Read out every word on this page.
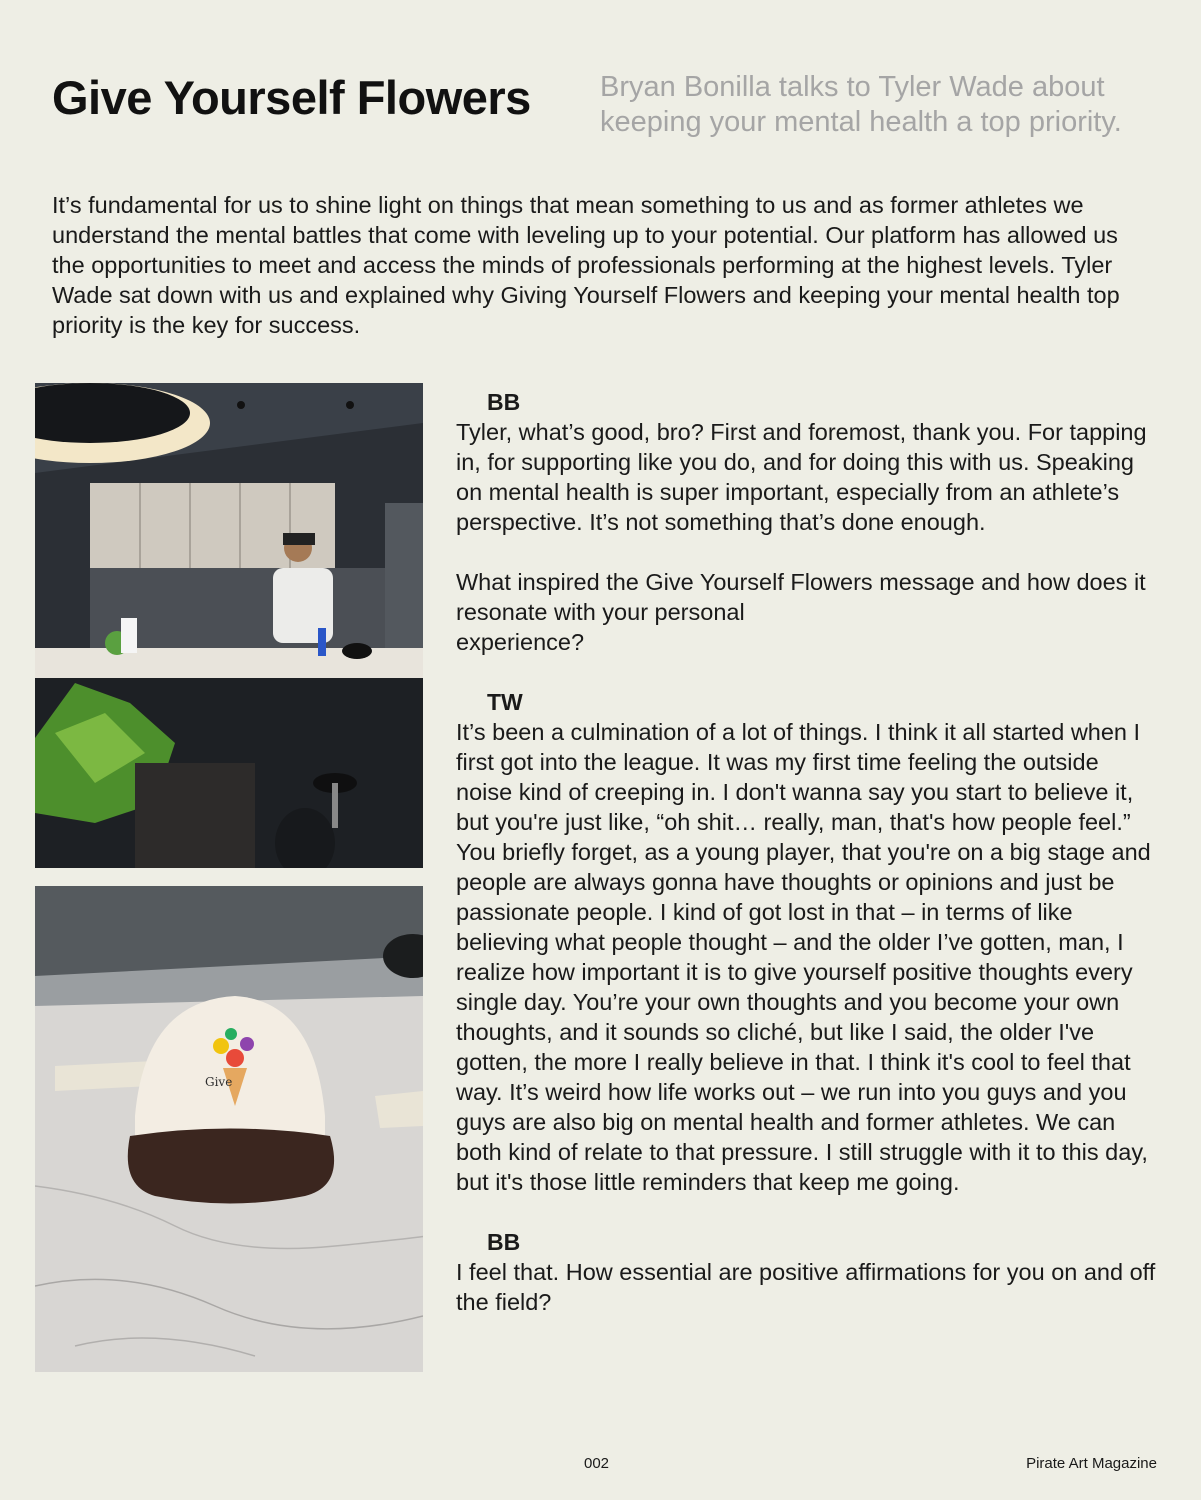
Give Yourself Flowers Bryan Bonilla talks to Tyler Wade about keeping your mental health a top priority.

It’s fundamental for us to shine light on things that mean something to us and as former athletes we understand the mental battles that come with leveling up to your potential. Our platform has allowed us the opportunities to meet and access the minds of professionals performing at the highest levels. Tyler Wade sat down with us and explained why Giving Yourself Flowers and keeping your mental health top priority is the key for success.

Give

BB

Tyler, what’s good, bro? First and foremost, thank you. For tapping in, for supporting like you do, and for doing this with us. Speaking on mental health is super important, especially from an athlete’s perspective. It’s not something that’s done enough.

What inspired the Give Yourself Flowers message and how does it resonate with your personal
experience?

TW

It’s been a culmination of a lot of things. I think it all started when I first got into the league. It was my first time feeling the outside noise kind of creeping in. I don't wanna say you start to believe it, but you're just like, “oh shit… really, man, that's how people feel.” You briefly forget, as a young player, that you're on a big stage and people are always gonna have thoughts or opinions and just be passionate people. I kind of got lost in that – in terms of like believing what people thought – and the older I’ve gotten, man, I realize how important it is to give yourself positive thoughts every single day. You’re your own thoughts and you become your own thoughts, and it sounds so cliché, but like I said, the older I've gotten, the more I really believe in that. I think it's cool to feel that way. It’s weird how life works out – we run into you guys and you guys are also big on mental health and former athletes. We can both kind of relate to that pressure. I still struggle with it to this day, but it's those little reminders that keep me going.

BB

I feel that. How essential are positive affirmations for you on and off the field?

002	Pirate Art Magazine
